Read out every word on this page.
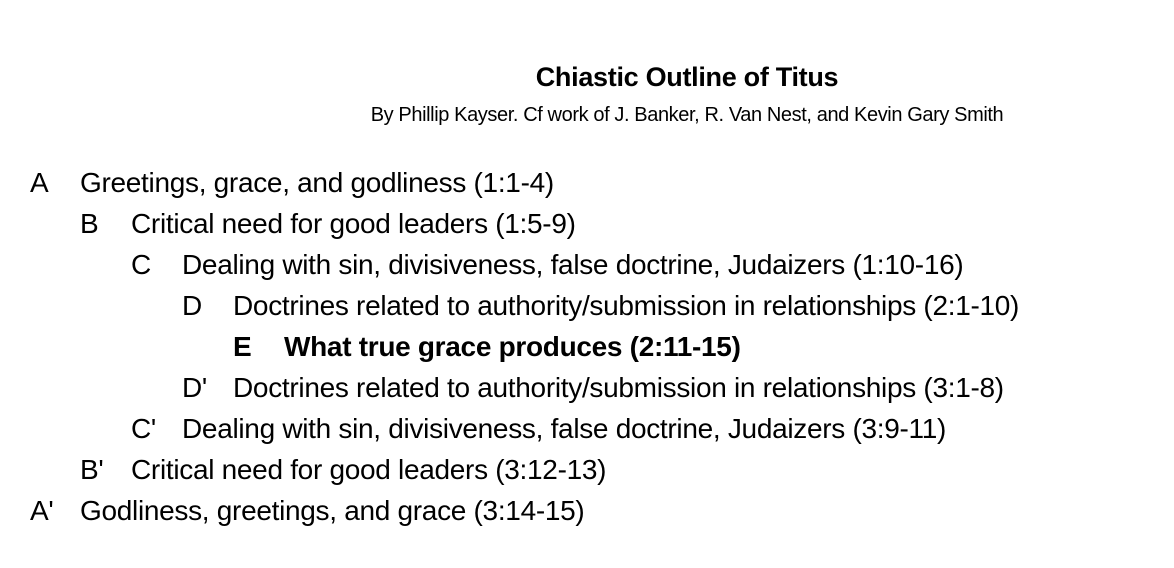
Chiastic Outline of Titus

By Phillip Kayser. Cf work of J. Banker, R. Van Nest, and Kevin Gary Smith

A Greetings, grace, and godliness (1:1-4)
B Critical need for good leaders (1:5-9)
C Dealing with sin, divisiveness, false doctrine, Judaizers (1:10-16)
D Doctrines related to authority/submission in relationships (2:1-10)
E What true grace produces (2:11-15)
D' Doctrines related to authority/submission in relationships (3:1-8)
C' Dealing with sin, divisiveness, false doctrine, Judaizers (3:9-11)
B' Critical need for good leaders (3:12-13)
A' Godliness, greetings, and grace (3:14-15)
